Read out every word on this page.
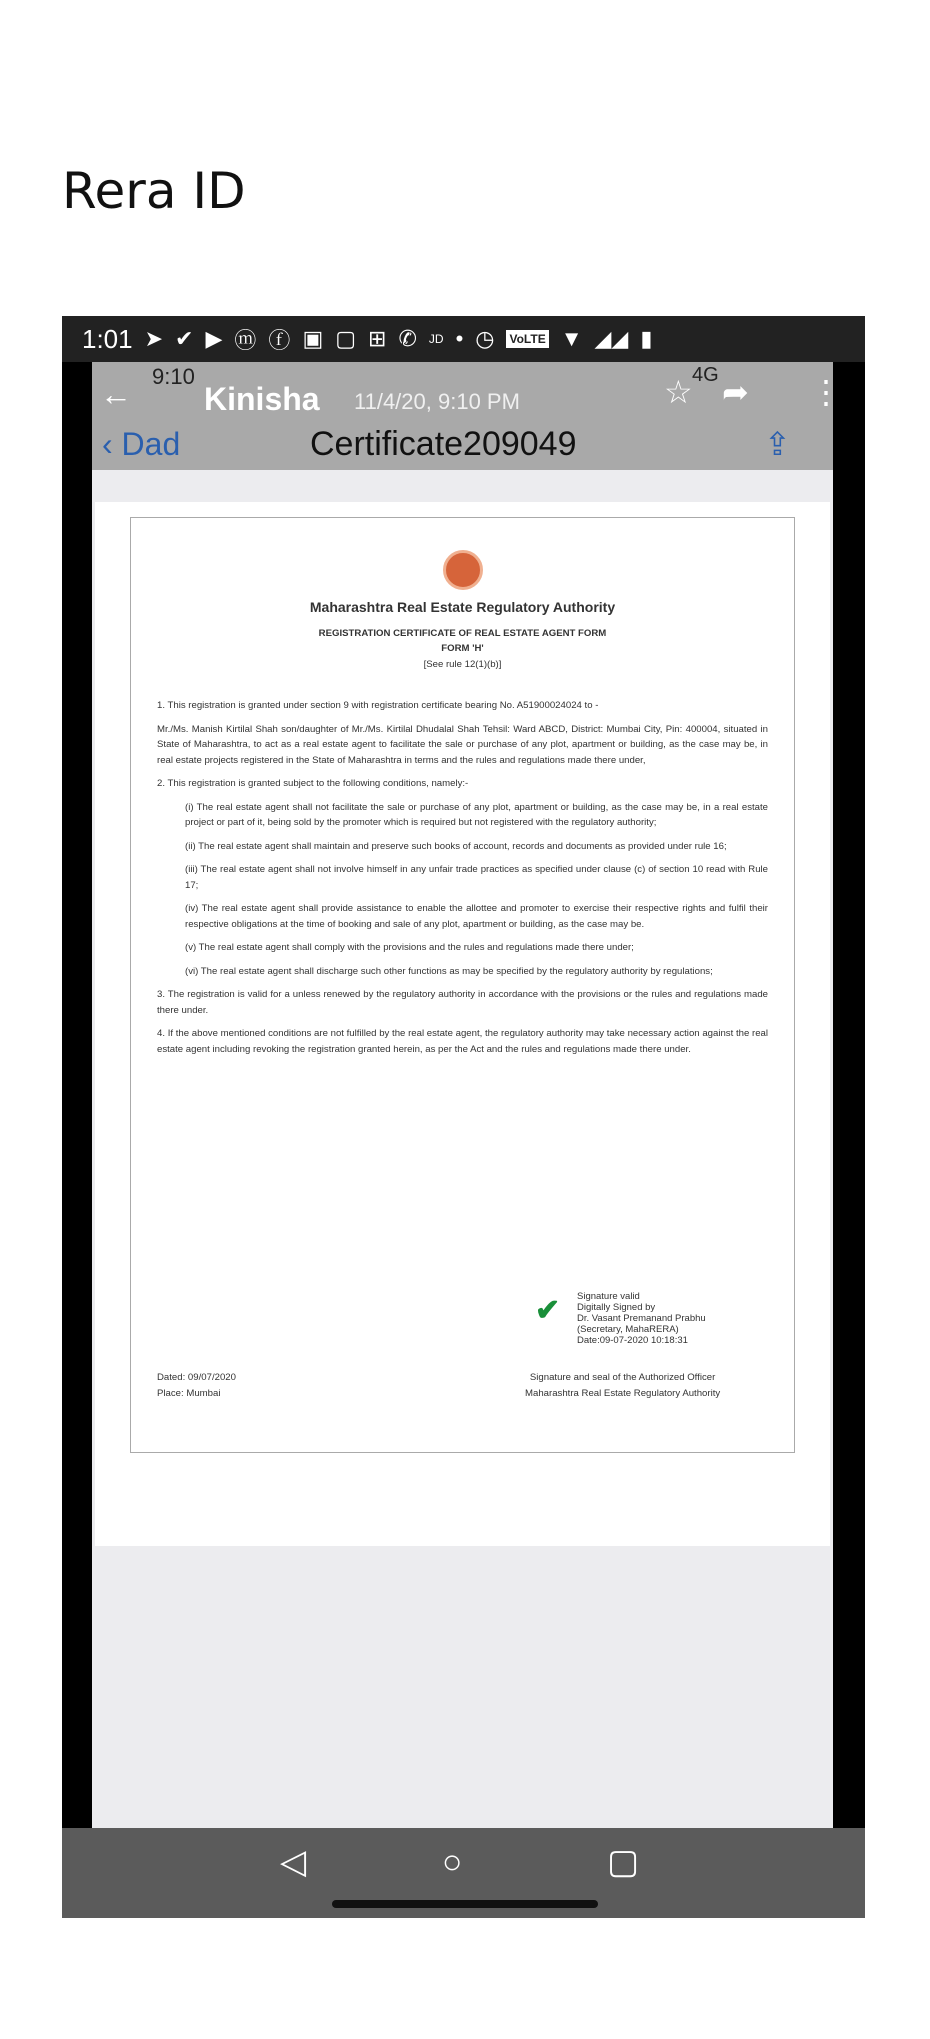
Rera ID
1:01 ➤ ✔ ▶ ⓜ ⓕ ▣ ▢ ⊞ ✆ JD • ◷ VoLTE ▼ ◢◢ ▮
9:10	4G
← Kinisha 11/4/20, 9:10 PM
‹ Dad	Certificate209049
☆ ➦ ⋮
⇪
Maharashtra Real Estate Regulatory Authority
REGISTRATION CERTIFICATE OF REAL ESTATE AGENT FORM
FORM 'H'
[See rule 12(1)(b)]
1. This registration is granted under section 9 with registration certificate bearing No. A51900024024 to -
Mr./Ms. Manish Kirtilal Shah son/daughter of Mr./Ms. Kirtilal Dhudalal Shah Tehsil: Ward ABCD, District: Mumbai City, Pin: 400004, situated in State of Maharashtra, to act as a real estate agent to facilitate the sale or purchase of any plot, apartment or building, as the case may be, in real estate projects registered in the State of Maharashtra in terms and the rules and regulations made there under,
2. This registration is granted subject to the following conditions, namely:-
(i) The real estate agent shall not facilitate the sale or purchase of any plot, apartment or building, as the case may be, in a real estate project or part of it, being sold by the promoter which is required but not registered with the regulatory authority;
(ii) The real estate agent shall maintain and preserve such books of account, records and documents as provided under rule 16;
(iii) The real estate agent shall not involve himself in any unfair trade practices as specified under clause (c) of section 10 read with Rule 17;
(iv) The real estate agent shall provide assistance to enable the allottee and promoter to exercise their respective rights and fulfil their respective obligations at the time of booking and sale of any plot, apartment or building, as the case may be.
(v) The real estate agent shall comply with the provisions and the rules and regulations made there under;
(vi) The real estate agent shall discharge such other functions as may be specified by the regulatory authority by regulations;
3. The registration is valid for a unless renewed by the regulatory authority in accordance with the provisions or the rules and regulations made there under.
4. If the above mentioned conditions are not fulfilled by the real estate agent, the regulatory authority may take necessary action against the real estate agent including revoking the registration granted herein, as per the Act and the rules and regulations made there under.
✔ Signature valid
Digitally Signed by
Dr. Vasant Premanand Prabhu
(Secretary, MahaRERA)
Date:09-07-2020 10:18:31
Dated: 09/07/2020
Place: Mumbai
Signature and seal of the Authorized Officer
Maharashtra Real Estate Regulatory Authority
◁	○	▢
